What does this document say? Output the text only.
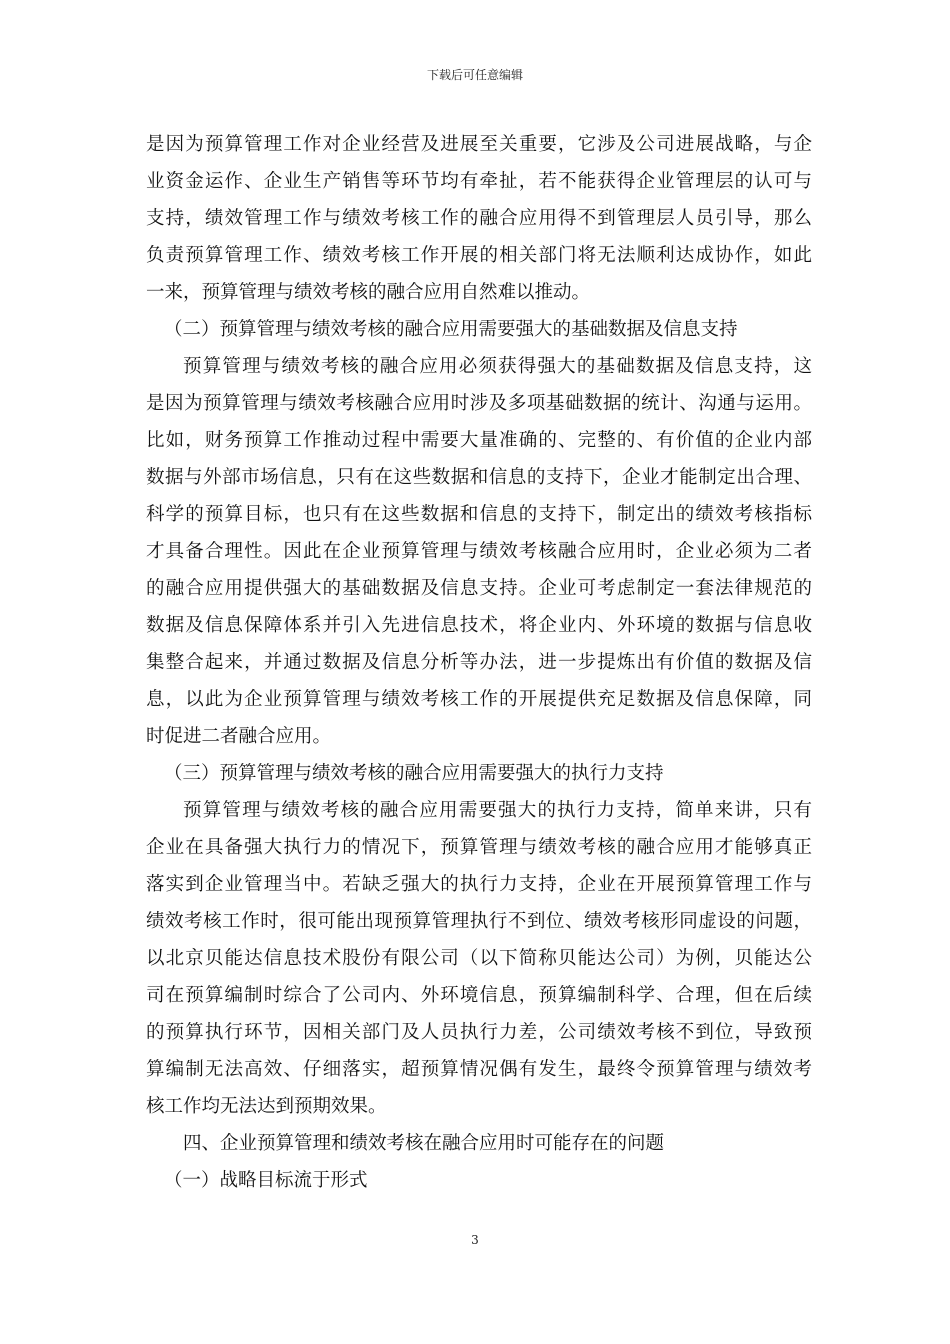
下载后可任意编辑
是因为预算管理工作对企业经营及进展至关重要，它涉及公司进展战略，与企
业资金运作、企业生产销售等环节均有牵扯，若不能获得企业管理层的认可与
支持，绩效管理工作与绩效考核工作的融合应用得不到管理层人员引导，那么
负责预算管理工作、绩效考核工作开展的相关部门将无法顺利达成协作，如此
一来，预算管理与绩效考核的融合应用自然难以推动。
（二）预算管理与绩效考核的融合应用需要强大的基础数据及信息支持
预算管理与绩效考核的融合应用必须获得强大的基础数据及信息支持，这
是因为预算管理与绩效考核融合应用时涉及多项基础数据的统计、沟通与运用。
比如，财务预算工作推动过程中需要大量准确的、完整的、有价值的企业内部
数据与外部市场信息，只有在这些数据和信息的支持下，企业才能制定出合理、
科学的预算目标，也只有在这些数据和信息的支持下，制定出的绩效考核指标
才具备合理性。因此在企业预算管理与绩效考核融合应用时，企业必须为二者
的融合应用提供强大的基础数据及信息支持。企业可考虑制定一套法律规范的
数据及信息保障体系并引入先进信息技术，将企业内、外环境的数据与信息收
集整合起来，并通过数据及信息分析等办法，进一步提炼出有价值的数据及信
息，以此为企业预算管理与绩效考核工作的开展提供充足数据及信息保障，同
时促进二者融合应用。
（三）预算管理与绩效考核的融合应用需要强大的执行力支持
预算管理与绩效考核的融合应用需要强大的执行力支持，简单来讲，只有
企业在具备强大执行力的情况下，预算管理与绩效考核的融合应用才能够真正
落实到企业管理当中。若缺乏强大的执行力支持，企业在开展预算管理工作与
绩效考核工作时，很可能出现预算管理执行不到位、绩效考核形同虚设的问题，
以北京贝能达信息技术股份有限公司（以下简称贝能达公司）为例，贝能达公
司在预算编制时综合了公司内、外环境信息，预算编制科学、合理，但在后续
的预算执行环节，因相关部门及人员执行力差，公司绩效考核不到位，导致预
算编制无法高效、仔细落实，超预算情况偶有发生，最终令预算管理与绩效考
核工作均无法达到预期效果。
四、企业预算管理和绩效考核在融合应用时可能存在的问题
（一）战略目标流于形式
3
